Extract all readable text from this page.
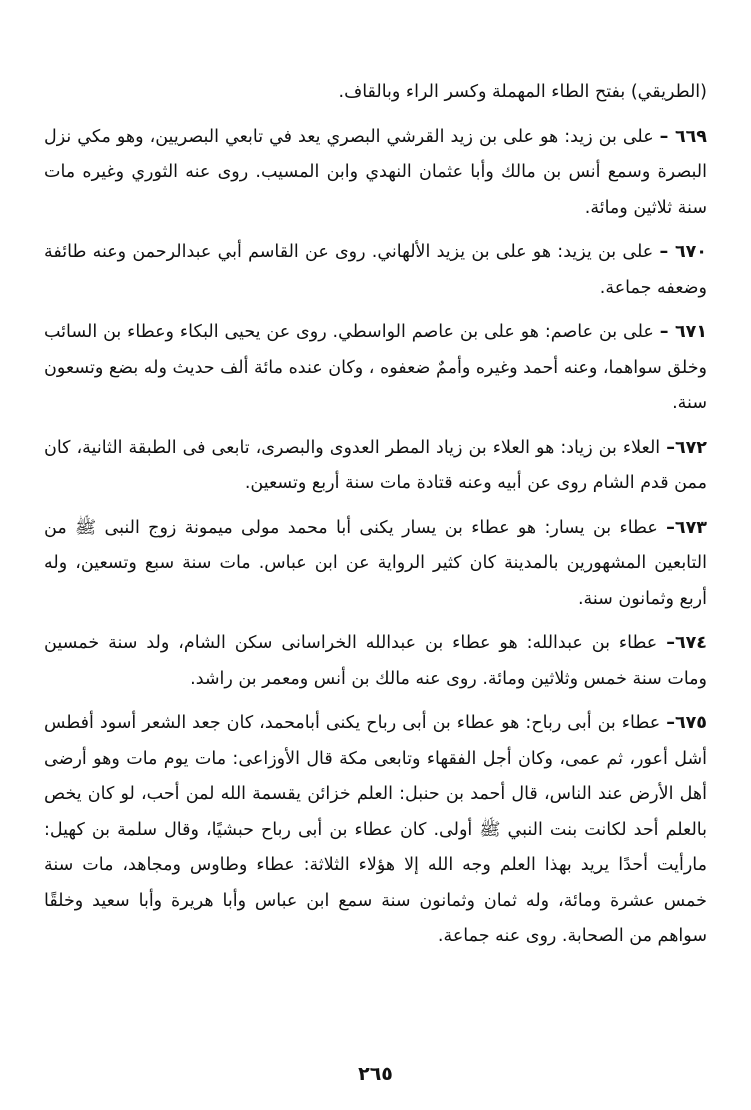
(الطريقي) بفتح الطاء المهملة وكسر الراء وبالقاف.

٦٦٩ – على بن زيد: هو على بن زيد القرشي البصري يعد في تابعي البصريين، وهو مكي نزل البصرة وسمع أنس بن مالك وأبا عثمان النهدي وابن المسيب. روى عنه الثوري وغيره مات سنة ثلاثين ومائة.

٦٧٠ – على بن يزيد: هو على بن يزيد الألهاني. روى عن القاسم أبي عبدالرحمن وعنه طائفة وضعفه جماعة.

٦٧١ – على بن عاصم: هو على بن عاصم الواسطي. روى عن يحيى البكاء وعطاء بن السائب وخلق سواهما، وعنه أحمد وغيره وأممٌ ضعفوه ، وكان عنده مائة ألف حديث وله بضع وتسعون سنة.

٦٧٢– العلاء بن زياد: هو العلاء بن زياد المطر العدوى والبصرى، تابعى فى الطبقة الثانية، كان ممن قدم الشام روى عن أبيه وعنه قتادة مات سنة أربع وتسعين.

٦٧٣– عطاء بن يسار: هو عطاء بن يسار يكنى أبا محمد مولى ميمونة زوج النبى ﷺ من التابعين المشهورين بالمدينة كان كثير الرواية عن ابن عباس. مات سنة سبع وتسعين، وله أربع وثمانون سنة.

٦٧٤– عطاء بن عبدالله: هو عطاء بن عبدالله الخراسانى سكن الشام، ولد سنة خمسين ومات سنة خمس وثلاثين ومائة. روى عنه مالك بن أنس ومعمر بن راشد.

٦٧٥– عطاء بن أبى رباح: هو عطاء بن أبى رباح يكنى أبامحمد، كان جعد الشعر أسود أفطس أشل أعور، ثم عمى، وكان أجل الفقهاء وتابعى مكة قال الأوزاعى: مات يوم مات وهو أرضى أهل الأرض عند الناس، قال أحمد بن حنبل: العلم خزائن يقسمة الله لمن أحب، لو كان يخص بالعلم أحد لكانت بنت النبي ﷺ أولى. كان عطاء بن أبى رباح حبشيًا، وقال سلمة بن كهيل: مارأيت أحدًا يريد بهذا العلم وجه الله إلا هؤلاء الثلاثة: عطاء وطاوس ومجاهد، مات سنة خمس عشرة ومائة، وله ثمان وثمانون سنة سمع ابن عباس وأبا هريرة وأبا سعيد وخلقًا سواهم من الصحابة. روى عنه جماعة.

٢٦٥
